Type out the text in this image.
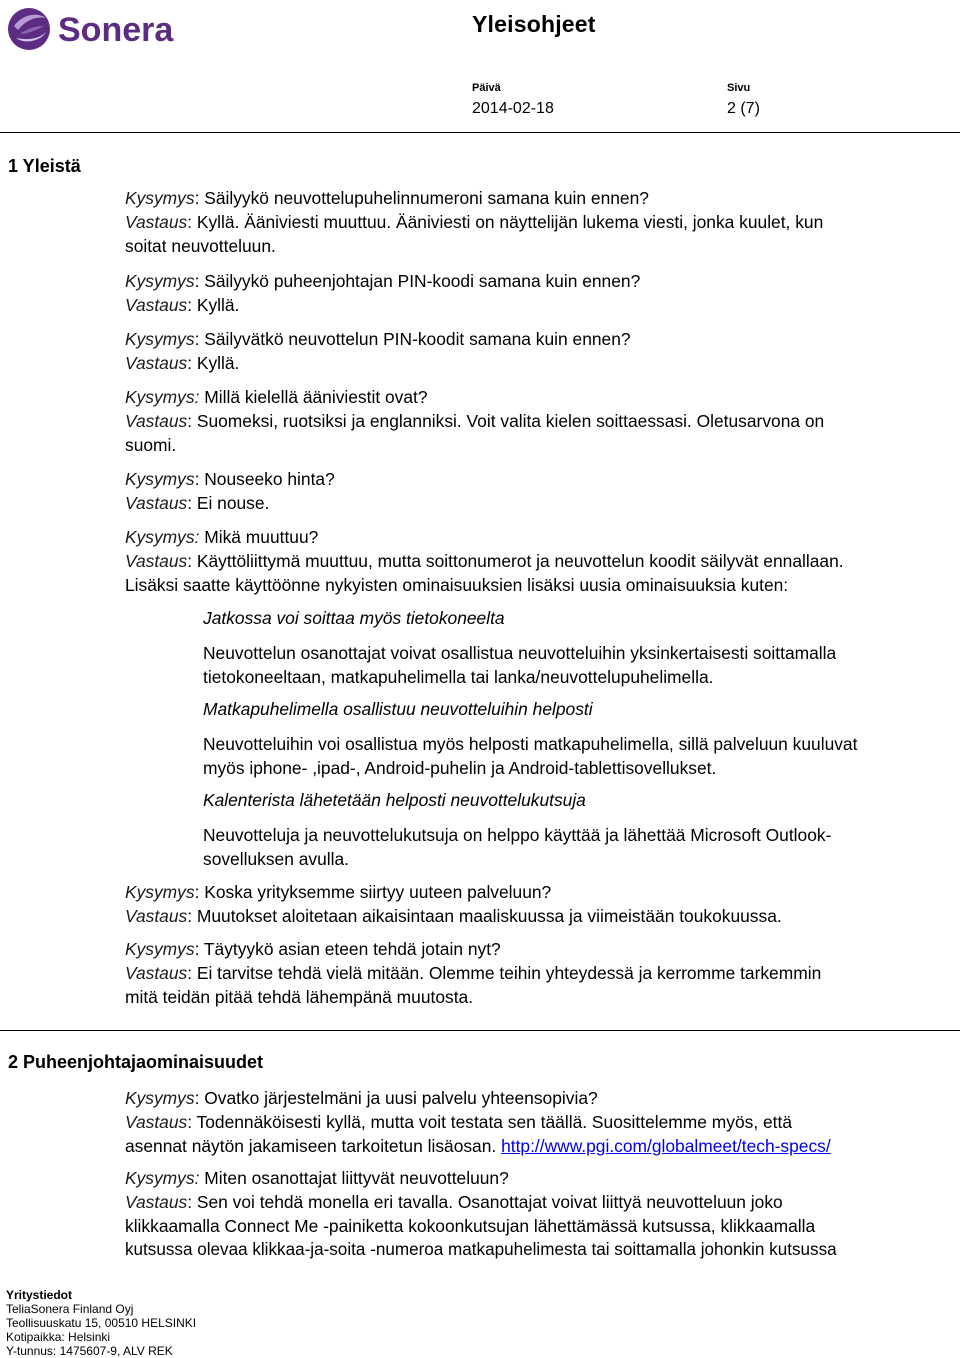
Sonera	Yleisohjeet
Päivä
2014-02-18
Sivu
2 (7)
1 Yleistä
Kysymys: Säilyykö neuvottelupuhelinnumeroni samana kuin ennen?
Vastaus: Kyllä. Ääniviesti muuttuu. Ääniviesti on näyttelijän lukema viesti, jonka kuulet, kun
soitat neuvotteluun.
Kysymys: Säilyykö puheenjohtajan PIN-koodi samana kuin ennen?
Vastaus: Kyllä.
Kysymys: Säilyvätkö neuvottelun PIN-koodit samana kuin ennen?
Vastaus: Kyllä.
Kysymys: Millä kielellä ääniviestit ovat?
Vastaus: Suomeksi, ruotsiksi ja englanniksi. Voit valita kielen soittaessasi. Oletusarvona on
suomi.
Kysymys: Nouseeko hinta?
Vastaus: Ei nouse.
Kysymys: Mikä muuttuu?
Vastaus: Käyttöliittymä muuttuu, mutta soittonumerot ja neuvottelun koodit säilyvät ennallaan.
Lisäksi saatte käyttöönne nykyisten ominaisuuksien lisäksi uusia ominaisuuksia kuten:
Jatkossa voi soittaa myös tietokoneelta
Neuvottelun osanottajat voivat osallistua neuvotteluihin yksinkertaisesti soittamalla
tietokoneeltaan, matkapuhelimella tai lanka/neuvottelupuhelimella.
Matkapuhelimella osallistuu neuvotteluihin helposti
Neuvotteluihin voi osallistua myös helposti matkapuhelimella, sillä palveluun kuuluvat
myös iphone- ,ipad-, Android-puhelin ja Android-tablettisovellukset.
Kalenterista lähetetään helposti neuvottelukutsuja
Neuvotteluja ja neuvottelukutsuja on helppo käyttää ja lähettää Microsoft Outlook-
sovelluksen avulla.
Kysymys: Koska yrityksemme siirtyy uuteen palveluun?
Vastaus: Muutokset aloitetaan aikaisintaan maaliskuussa ja viimeistään toukokuussa.
Kysymys: Täytyykö asian eteen tehdä jotain nyt?
Vastaus: Ei tarvitse tehdä vielä mitään. Olemme teihin yhteydessä ja kerromme tarkemmin
mitä teidän pitää tehdä lähempänä muutosta.
2 Puheenjohtajaominaisuudet
Kysymys: Ovatko järjestelmäni ja uusi palvelu yhteensopivia?
Vastaus: Todennäköisesti kyllä, mutta voit testata sen täällä. Suosittelemme myös, että
asennat näytön jakamiseen tarkoitetun lisäosan. http://www.pgi.com/globalmeet/tech-specs/
Kysymys: Miten osanottajat liittyvät neuvotteluun?
Vastaus: Sen voi tehdä monella eri tavalla. Osanottajat voivat liittyä neuvotteluun joko
klikkaamalla Connect Me -painiketta kokoonkutsujan lähettämässä kutsussa, klikkaamalla
kutsussa olevaa klikkaa-ja-soita -numeroa matkapuhelimesta tai soittamalla johonkin kutsussa
Yritystiedot
TeliaSonera Finland Oyj
Teollisuuskatu 15, 00510 HELSINKI
Kotipaikka: Helsinki
Y-tunnus: 1475607-9, ALV REK
